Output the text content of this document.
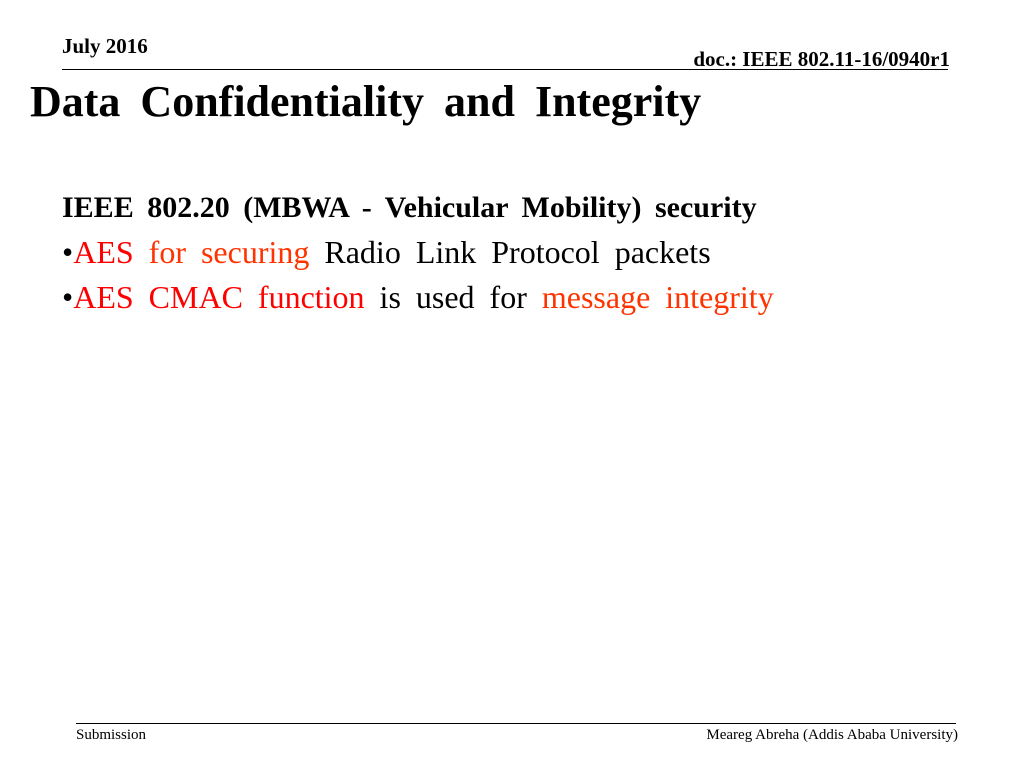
July 2016
doc.: IEEE 802.11-16/0940r1
Data Confidentiality and Integrity
IEEE 802.20 (MBWA - Vehicular Mobility) security
•AES for securing Radio Link Protocol packets
•AES CMAC function is used for message integrity
Submission	Meareg Abreha (Addis Ababa University)
